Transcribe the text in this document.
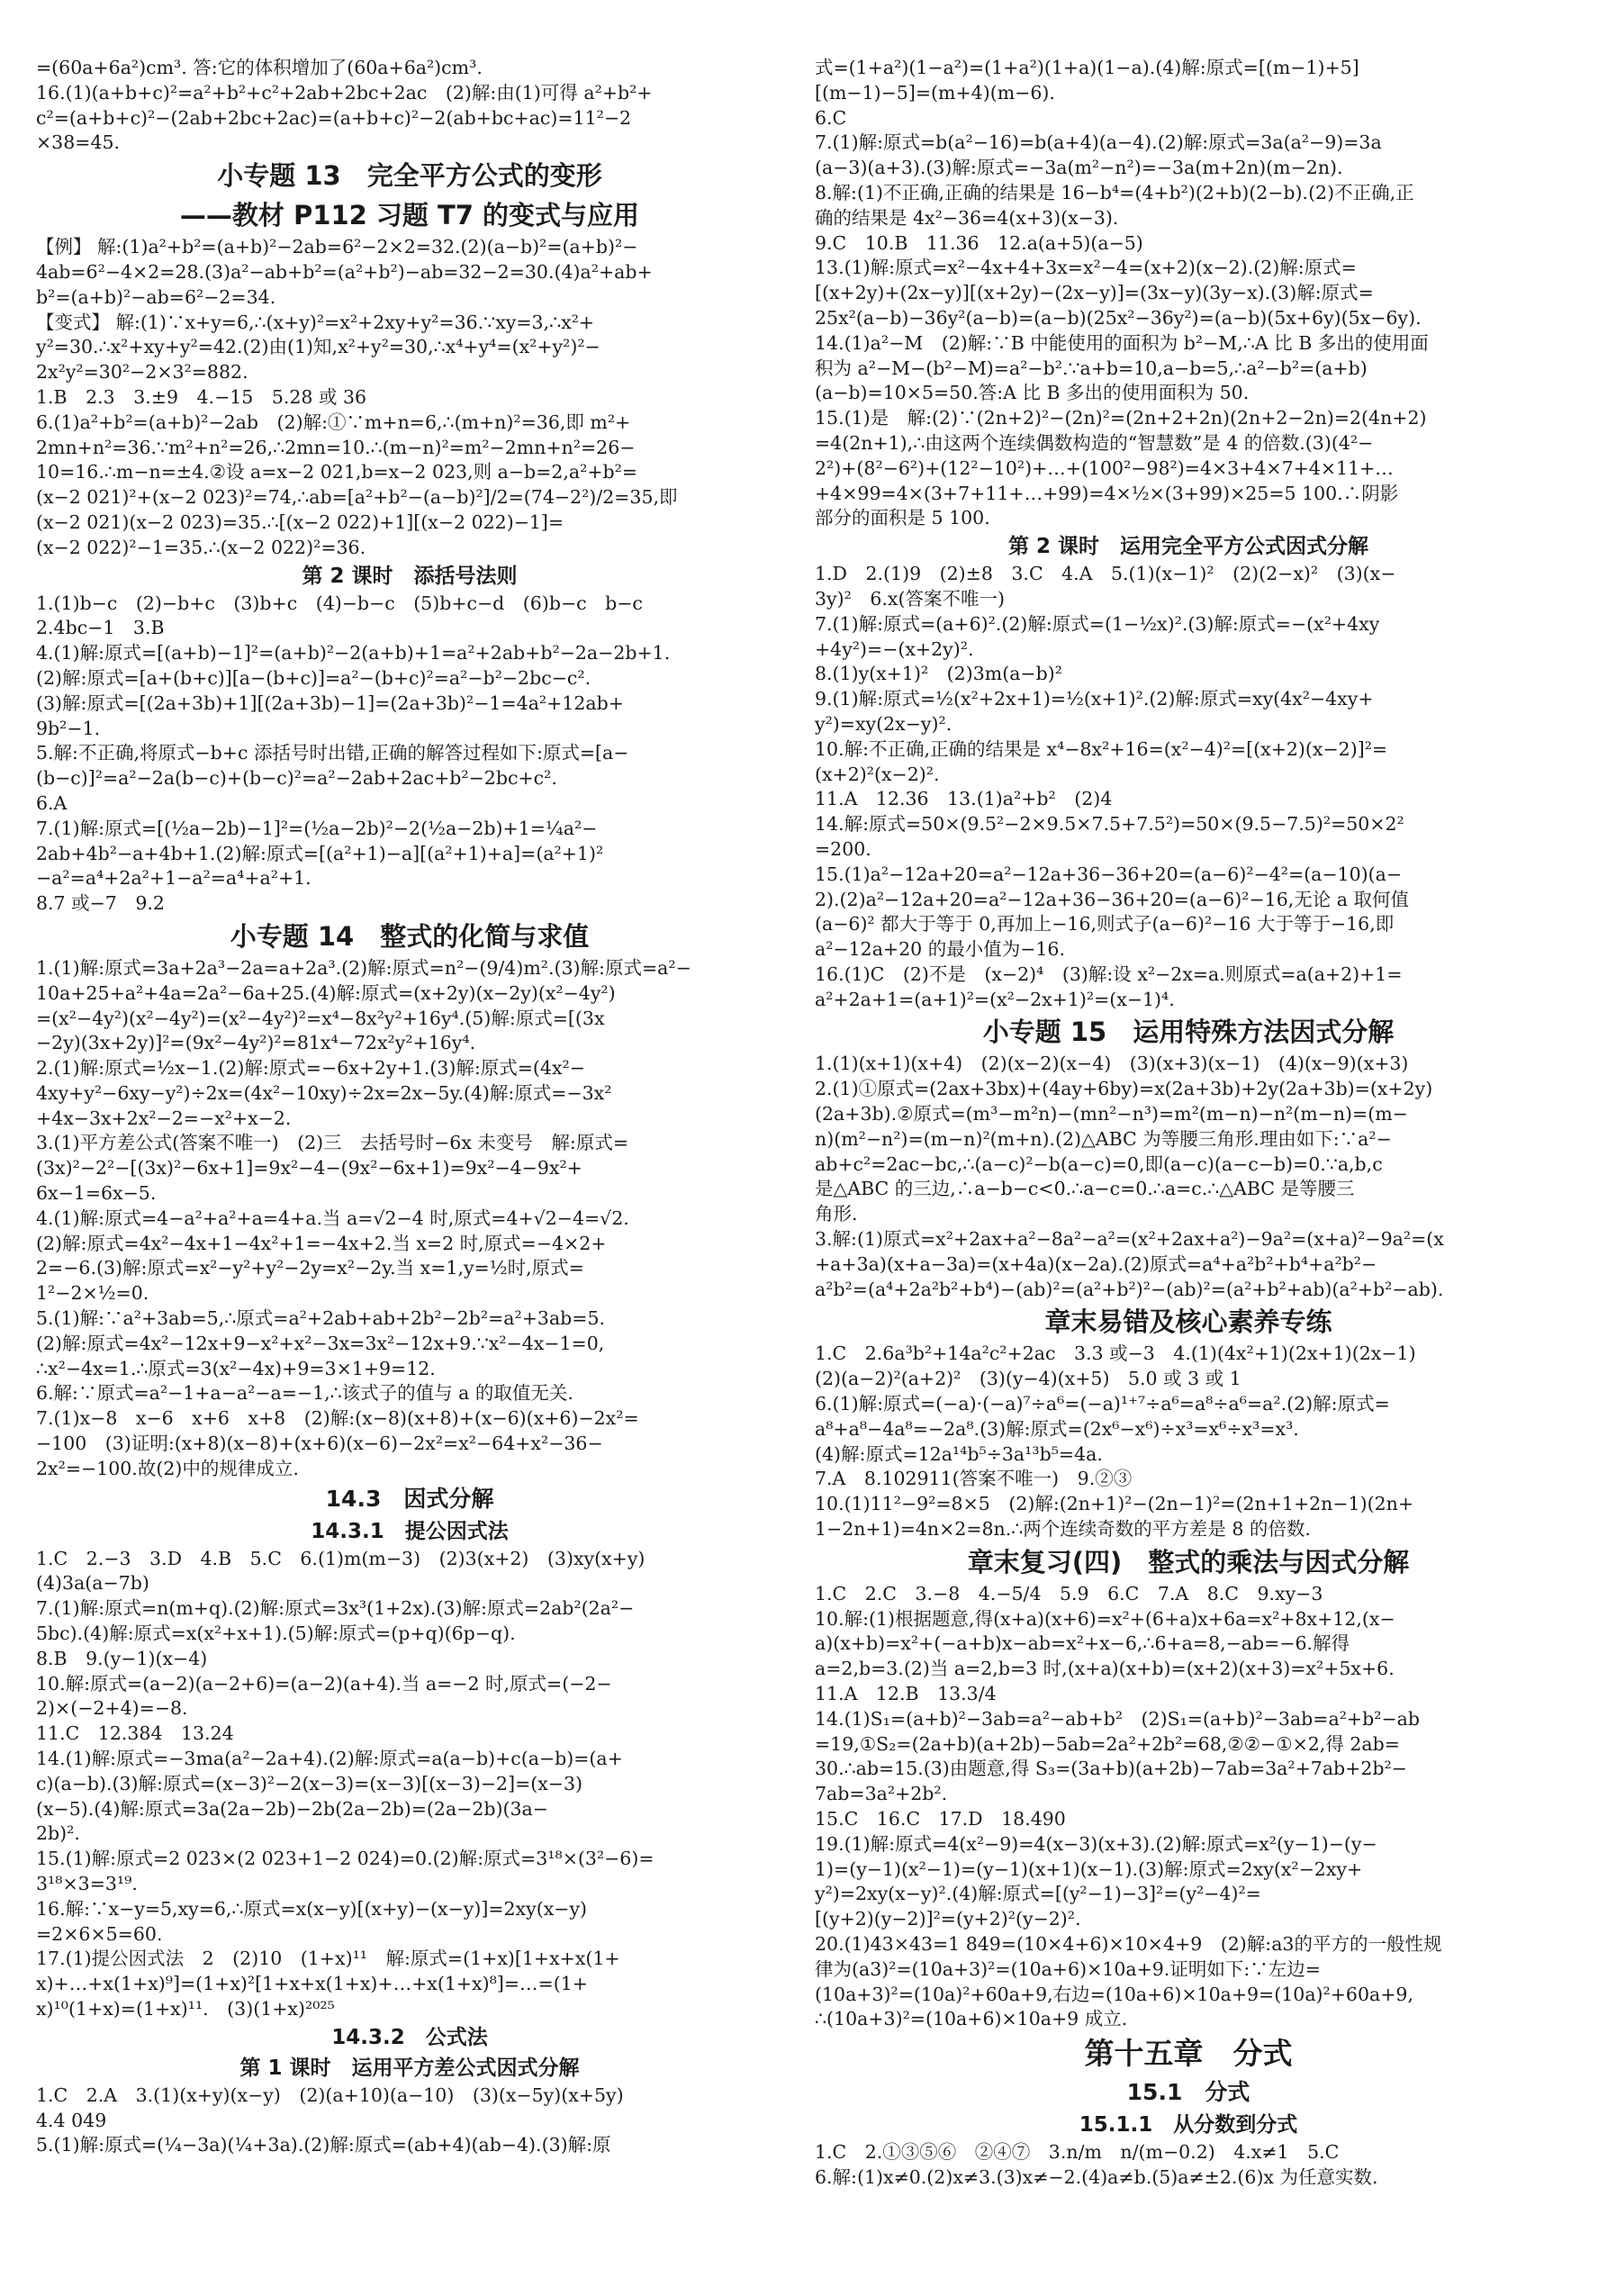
=(60a+6a²)cm³. 答:它的体积增加了(60a+6a²)cm³.
16.(1)(a+b+c)²=a²+b²+c²+2ab+2bc+2ac　(2)解:由(1)可得 a²+b²+
c²=(a+b+c)²−(2ab+2bc+2ac)=(a+b+c)²−2(ab+bc+ac)=11²−2
×38=45.
小专题 13　完全平方公式的变形
——教材 P112 习题 T7 的变式与应用
【例】 解:(1)a²+b²=(a+b)²−2ab=6²−2×2=32.(2)(a−b)²=(a+b)²−
4ab=6²−4×2=28.(3)a²−ab+b²=(a²+b²)−ab=32−2=30.(4)a²+ab+
b²=(a+b)²−ab=6²−2=34.
【变式】 解:(1)∵x+y=6,∴(x+y)²=x²+2xy+y²=36.∵xy=3,∴x²+
y²=30.∴x²+xy+y²=42.(2)由(1)知,x²+y²=30,∴x⁴+y⁴=(x²+y²)²−
2x²y²=30²−2×3²=882.
1.B　2.3　3.±9　4.−15　5.28 或 36
6.(1)a²+b²=(a+b)²−2ab　(2)解:①∵m+n=6,∴(m+n)²=36,即 m²+
2mn+n²=36.∵m²+n²=26,∴2mn=10.∴(m−n)²=m²−2mn+n²=26−
10=16.∴m−n=±4.②设 a=x−2 021,b=x−2 023,则 a−b=2,a²+b²=
(x−2 021)²+(x−2 023)²=74,∴ab=[a²+b²−(a−b)²]/2=(74−2²)/2=35,即
(x−2 021)(x−2 023)=35.∴[(x−2 022)+1][(x−2 022)−1]=
(x−2 022)²−1=35.∴(x−2 022)²=36.
第 2 课时　添括号法则
1.(1)b−c　(2)−b+c　(3)b+c　(4)−b−c　(5)b+c−d　(6)b−c　b−c
2.4bc−1　3.B
4.(1)解:原式=[(a+b)−1]²=(a+b)²−2(a+b)+1=a²+2ab+b²−2a−2b+1.
(2)解:原式=[a+(b+c)][a−(b+c)]=a²−(b+c)²=a²−b²−2bc−c².
(3)解:原式=[(2a+3b)+1][(2a+3b)−1]=(2a+3b)²−1=4a²+12ab+
9b²−1.
5.解:不正确,将原式−b+c 添括号时出错,正确的解答过程如下:原式=[a−
(b−c)]²=a²−2a(b−c)+(b−c)²=a²−2ab+2ac+b²−2bc+c².
6.A
7.(1)解:原式=[(½a−2b)−1]²=(½a−2b)²−2(½a−2b)+1=¼a²−
2ab+4b²−a+4b+1.(2)解:原式=[(a²+1)−a][(a²+1)+a]=(a²+1)²
−a²=a⁴+2a²+1−a²=a⁴+a²+1.
8.7 或−7　9.2
小专题 14　整式的化简与求值
1.(1)解:原式=3a+2a³−2a=a+2a³.(2)解:原式=n²−(9/4)m².(3)解:原式=a²−
10a+25+a²+4a=2a²−6a+25.(4)解:原式=(x+2y)(x−2y)(x²−4y²)
=(x²−4y²)(x²−4y²)=(x²−4y²)²=x⁴−8x²y²+16y⁴.(5)解:原式=[(3x
−2y)(3x+2y)]²=(9x²−4y²)²=81x⁴−72x²y²+16y⁴.
2.(1)解:原式=½x−1.(2)解:原式=−6x+2y+1.(3)解:原式=(4x²−
4xy+y²−6xy−y²)÷2x=(4x²−10xy)÷2x=2x−5y.(4)解:原式=−3x²
+4x−3x+2x²−2=−x²+x−2.
3.(1)平方差公式(答案不唯一)　(2)三　去括号时−6x 未变号　解:原式=
(3x)²−2²−[(3x)²−6x+1]=9x²−4−(9x²−6x+1)=9x²−4−9x²+
6x−1=6x−5.
4.(1)解:原式=4−a²+a²+a=4+a.当 a=√2−4 时,原式=4+√2−4=√2.
(2)解:原式=4x²−4x+1−4x²+1=−4x+2.当 x=2 时,原式=−4×2+
2=−6.(3)解:原式=x²−y²+y²−2y=x²−2y.当 x=1,y=½时,原式=
1²−2×½=0.
5.(1)解:∵a²+3ab=5,∴原式=a²+2ab+ab+2b²−2b²=a²+3ab=5.
(2)解:原式=4x²−12x+9−x²+x²−3x=3x²−12x+9.∵x²−4x−1=0,
∴x²−4x=1.∴原式=3(x²−4x)+9=3×1+9=12.
6.解:∵原式=a²−1+a−a²−a=−1,∴该式子的值与 a 的取值无关.
7.(1)x−8　x−6　x+6　x+8　(2)解:(x−8)(x+8)+(x−6)(x+6)−2x²=
−100　(3)证明:(x+8)(x−8)+(x+6)(x−6)−2x²=x²−64+x²−36−
2x²=−100.故(2)中的规律成立.
14.3　因式分解
14.3.1　提公因式法
1.C　2.−3　3.D　4.B　5.C　6.(1)m(m−3)　(2)3(x+2)　(3)xy(x+y)
(4)3a(a−7b)
7.(1)解:原式=n(m+q).(2)解:原式=3x³(1+2x).(3)解:原式=2ab²(2a²−
5bc).(4)解:原式=x(x²+x+1).(5)解:原式=(p+q)(6p−q).
8.B　9.(y−1)(x−4)
10.解:原式=(a−2)(a−2+6)=(a−2)(a+4).当 a=−2 时,原式=(−2−
2)×(−2+4)=−8.
11.C　12.384　13.24
14.(1)解:原式=−3ma(a²−2a+4).(2)解:原式=a(a−b)+c(a−b)=(a+
c)(a−b).(3)解:原式=(x−3)²−2(x−3)=(x−3)[(x−3)−2]=(x−3)
(x−5).(4)解:原式=3a(2a−2b)−2b(2a−2b)=(2a−2b)(3a−
2b)².
15.(1)解:原式=2 023×(2 023+1−2 024)=0.(2)解:原式=3¹⁸×(3²−6)=
3¹⁸×3=3¹⁹.
16.解:∵x−y=5,xy=6,∴原式=x(x−y)[(x+y)−(x−y)]=2xy(x−y)
=2×6×5=60.
17.(1)提公因式法　2　(2)10　(1+x)¹¹　解:原式=(1+x)[1+x+x(1+
x)+…+x(1+x)⁹]=(1+x)²[1+x+x(1+x)+…+x(1+x)⁸]=…=(1+
x)¹⁰(1+x)=(1+x)¹¹.　(3)(1+x)²⁰²⁵
14.3.2　公式法
第 1 课时　运用平方差公式因式分解
1.C　2.A　3.(1)(x+y)(x−y)　(2)(a+10)(a−10)　(3)(x−5y)(x+5y)
4.4 049
5.(1)解:原式=(¼−3a)(¼+3a).(2)解:原式=(ab+4)(ab−4).(3)解:原
式=(1+a²)(1−a²)=(1+a²)(1+a)(1−a).(4)解:原式=[(m−1)+5]
[(m−1)−5]=(m+4)(m−6).
6.C
7.(1)解:原式=b(a²−16)=b(a+4)(a−4).(2)解:原式=3a(a²−9)=3a
(a−3)(a+3).(3)解:原式=−3a(m²−n²)=−3a(m+2n)(m−2n).
8.解:(1)不正确,正确的结果是 16−b⁴=(4+b²)(2+b)(2−b).(2)不正确,正
确的结果是 4x²−36=4(x+3)(x−3).
9.C　10.B　11.36　12.a(a+5)(a−5)
13.(1)解:原式=x²−4x+4+3x=x²−4=(x+2)(x−2).(2)解:原式=
[(x+2y)+(2x−y)][(x+2y)−(2x−y)]=(3x−y)(3y−x).(3)解:原式=
25x²(a−b)−36y²(a−b)=(a−b)(25x²−36y²)=(a−b)(5x+6y)(5x−6y).
14.(1)a²−M　(2)解:∵B 中能使用的面积为 b²−M,∴A 比 B 多出的使用面
积为 a²−M−(b²−M)=a²−b².∵a+b=10,a−b=5,∴a²−b²=(a+b)
(a−b)=10×5=50.答:A 比 B 多出的使用面积为 50.
15.(1)是　解:(2)∵(2n+2)²−(2n)²=(2n+2+2n)(2n+2−2n)=2(4n+2)
=4(2n+1),∴由这两个连续偶数构造的“智慧数”是 4 的倍数.(3)(4²−
2²)+(8²−6²)+(12²−10²)+…+(100²−98²)=4×3+4×7+4×11+…
+4×99=4×(3+7+11+…+99)=4×½×(3+99)×25=5 100.∴阴影
部分的面积是 5 100.
第 2 课时　运用完全平方公式因式分解
1.D　2.(1)9　(2)±8　3.C　4.A　5.(1)(x−1)²　(2)(2−x)²　(3)(x−
3y)²　6.x(答案不唯一)
7.(1)解:原式=(a+6)².(2)解:原式=(1−½x)².(3)解:原式=−(x²+4xy
+4y²)=−(x+2y)².
8.(1)y(x+1)²　(2)3m(a−b)²
9.(1)解:原式=½(x²+2x+1)=½(x+1)².(2)解:原式=xy(4x²−4xy+
y²)=xy(2x−y)².
10.解:不正确,正确的结果是 x⁴−8x²+16=(x²−4)²=[(x+2)(x−2)]²=
(x+2)²(x−2)².
11.A　12.36　13.(1)a²+b²　(2)4
14.解:原式=50×(9.5²−2×9.5×7.5+7.5²)=50×(9.5−7.5)²=50×2²
=200.
15.(1)a²−12a+20=a²−12a+36−36+20=(a−6)²−4²=(a−10)(a−
2).(2)a²−12a+20=a²−12a+36−36+20=(a−6)²−16,无论 a 取何值
(a−6)² 都大于等于 0,再加上−16,则式子(a−6)²−16 大于等于−16,即
a²−12a+20 的最小值为−16.
16.(1)C　(2)不是　(x−2)⁴　(3)解:设 x²−2x=a.则原式=a(a+2)+1=
a²+2a+1=(a+1)²=(x²−2x+1)²=(x−1)⁴.
小专题 15　运用特殊方法因式分解
1.(1)(x+1)(x+4)　(2)(x−2)(x−4)　(3)(x+3)(x−1)　(4)(x−9)(x+3)
2.(1)①原式=(2ax+3bx)+(4ay+6by)=x(2a+3b)+2y(2a+3b)=(x+2y)
(2a+3b).②原式=(m³−m²n)−(mn²−n³)=m²(m−n)−n²(m−n)=(m−
n)(m²−n²)=(m−n)²(m+n).(2)△ABC 为等腰三角形.理由如下:∵a²−
ab+c²=2ac−bc,∴(a−c)²−b(a−c)=0,即(a−c)(a−c−b)=0.∵a,b,c
是△ABC 的三边,∴a−b−c<0.∴a−c=0.∴a=c.∴△ABC 是等腰三
角形.
3.解:(1)原式=x²+2ax+a²−8a²−a²=(x²+2ax+a²)−9a²=(x+a)²−9a²=(x
+a+3a)(x+a−3a)=(x+4a)(x−2a).(2)原式=a⁴+a²b²+b⁴+a²b²−
a²b²=(a⁴+2a²b²+b⁴)−(ab)²=(a²+b²)²−(ab)²=(a²+b²+ab)(a²+b²−ab).
章末易错及核心素养专练
1.C　2.6a³b²+14a²c²+2ac　3.3 或−3　4.(1)(4x²+1)(2x+1)(2x−1)
(2)(a−2)²(a+2)²　(3)(y−4)(x+5)　5.0 或 3 或 1
6.(1)解:原式=(−a)·(−a)⁷÷a⁶=(−a)¹⁺⁷÷a⁶=a⁸÷a⁶=a².(2)解:原式=
a⁸+a⁸−4a⁸=−2a⁸.(3)解:原式=(2x⁶−x⁶)÷x³=x⁶÷x³=x³.
(4)解:原式=12a¹⁴b⁵÷3a¹³b⁵=4a.
7.A　8.102911(答案不唯一)　9.②③
10.(1)11²−9²=8×5　(2)解:(2n+1)²−(2n−1)²=(2n+1+2n−1)(2n+
1−2n+1)=4n×2=8n.∴两个连续奇数的平方差是 8 的倍数.
章末复习(四)　整式的乘法与因式分解
1.C　2.C　3.−8　4.−5/4　5.9　6.C　7.A　8.C　9.xy−3
10.解:(1)根据题意,得(x+a)(x+6)=x²+(6+a)x+6a=x²+8x+12,(x−
a)(x+b)=x²+(−a+b)x−ab=x²+x−6,∴6+a=8,−ab=−6.解得
a=2,b=3.(2)当 a=2,b=3 时,(x+a)(x+b)=(x+2)(x+3)=x²+5x+6.
11.A　12.B　13.3/4
14.(1)S₁=(a+b)²−3ab=a²−ab+b²　(2)S₁=(a+b)²−3ab=a²+b²−ab
=19,①S₂=(2a+b)(a+2b)−5ab=2a²+2b²=68,②②−①×2,得 2ab=
30.∴ab=15.(3)由题意,得 S₃=(3a+b)(a+2b)−7ab=3a²+7ab+2b²−
7ab=3a²+2b².
15.C　16.C　17.D　18.490
19.(1)解:原式=4(x²−9)=4(x−3)(x+3).(2)解:原式=x²(y−1)−(y−
1)=(y−1)(x²−1)=(y−1)(x+1)(x−1).(3)解:原式=2xy(x²−2xy+
y²)=2xy(x−y)².(4)解:原式=[(y²−1)−3]²=(y²−4)²=
[(y+2)(y−2)]²=(y+2)²(y−2)².
20.(1)43×43=1 849=(10×4+6)×10×4+9　(2)解:a3的平方的一般性规
律为(a3)²=(10a+3)²=(10a+6)×10a+9.证明如下:∵左边=
(10a+3)²=(10a)²+60a+9,右边=(10a+6)×10a+9=(10a)²+60a+9,
∴(10a+3)²=(10a+6)×10a+9 成立.
第十五章　分式
15.1　分式
15.1.1　从分数到分式
1.C　2.①③⑤⑥　②④⑦　3.n/m　n/(m−0.2)　4.x≠1　5.C
6.解:(1)x≠0.(2)x≠3.(3)x≠−2.(4)a≠b.(5)a≠±2.(6)x 为任意实数.
